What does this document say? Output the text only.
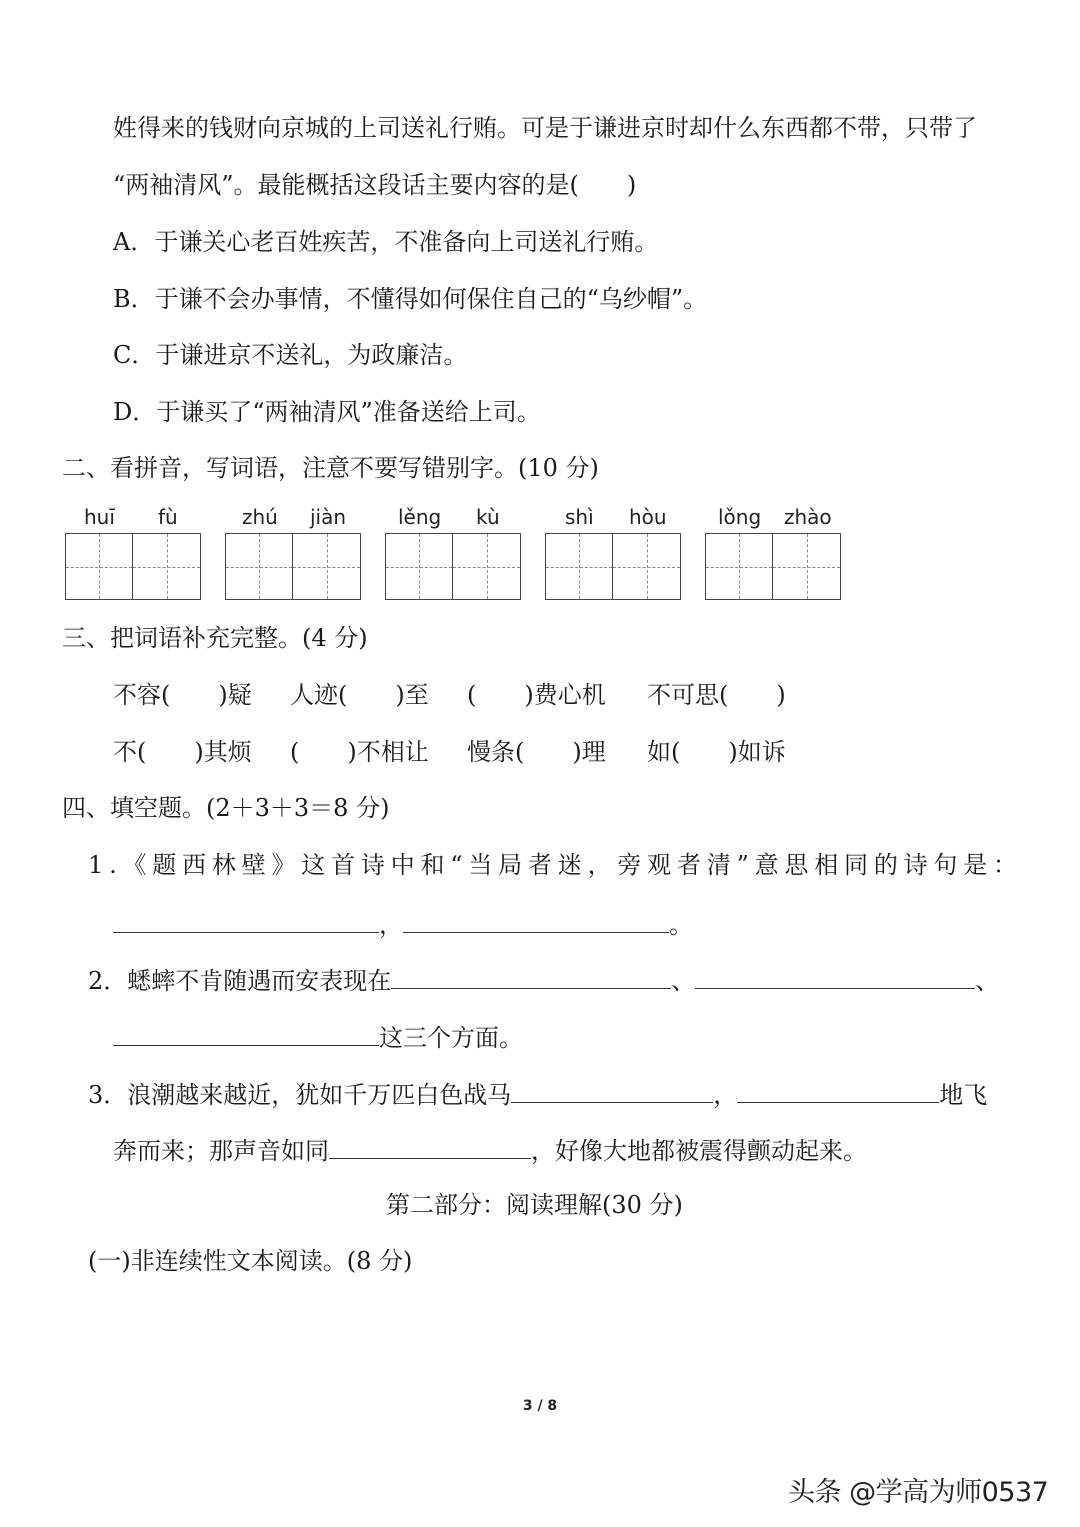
姓得来的钱财向京城的上司送礼行贿。可是于谦进京时却什么东西都不带，只带了
“两袖清风”。最能概括这段话主要内容的是(　　)
A．于谦关心老百姓疾苦，不准备向上司送礼行贿。
B．于谦不会办事情，不懂得如何保住自己的“乌纱帽”。
C．于谦进京不送礼，为政廉洁。
D．于谦买了“两袖清风”准备送给上司。
二、看拼音，写词语，注意不要写错别字。(10 分)
huī fù	zhú jiàn	lěng kù	shì hòu	lǒng zhào
三、把词语补充完整。(4 分)
不容(　　)疑 人迹(　　)至 (　　)费心机 不可思(　　)
不(　　)其烦 (　　)不相让 慢条(　　)理 如(　　)如诉
四、填空题。(2＋3＋3＝8 分)
1.《题西林壁》这首诗中和“当局者迷，旁观者清”意思相同的诗句是：
，	。
2．蟋蟀不肯随遇而安表现在	、	、
这三个方面。
3．浪潮越来越近，犹如千万匹白色战马	，	地飞
奔而来；那声音如同	，好像大地都被震得颤动起来。
第二部分：阅读理解(30 分)
(一)非连续性文本阅读。(8 分)
3 / 8
头条 @学高为师0537
